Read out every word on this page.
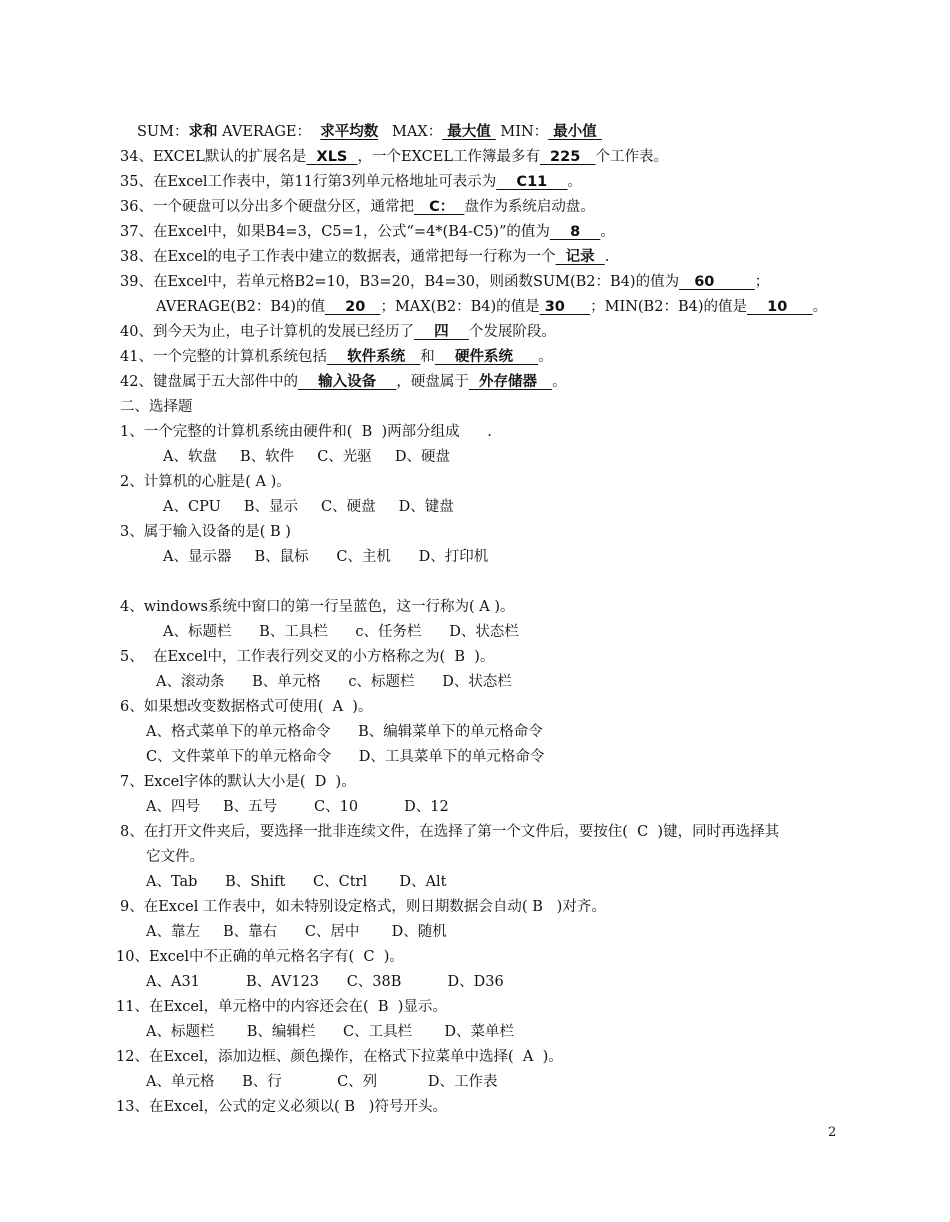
SUM：求和 AVERAGE： 求平均数 MAX： 最大值  MIN： 最小值
34、EXCEL默认的扩展名是  XLS  ，一个EXCEL工作簿最多有  225   个工作表。
35、在Excel工作表中，第11行第3列单元格地址可表示为    C11    。
36、一个硬盘可以分出多个硬盘分区，通常把   C：  盘作为系统启动盘。
37、在Excel中，如果B4=3，C5=1，公式“=4*(B4-C5)”的值为    8    。
38、在Excel的电子工作表中建立的数据表，通常把每一行称为一个  记录  .
39、在Excel中，若单元格B2=10，B3=20，B4=30，则函数SUM(B2：B4)的值为   60        ；
AVERAGE(B2：B4)的值    20   ；MAX(B2：B4)的值是 30     ；MIN(B2：B4)的值是    10     。
40、到今天为止，电子计算机的发展已经历了    四    个发展阶段。
41、一个完整的计算机系统包括    软件系统   和    硬件系统     。
42、键盘属于五大部件中的    输入设备    ，硬盘属于  外存储器   。
二、选择题
1、一个完整的计算机系统由硬件和(  B  )两部分组成      .
A、软盘     B、软件     C、光驱     D、硬盘
2、计算机的心脏是( A )。
A、CPU     B、显示     C、硬盘     D、键盘
3、属于输入设备的是( B )
A、显示器     B、鼠标      C、主机      D、打印机
4、windows系统中窗口的第一行呈蓝色，这一行称为( A )。
A、标题栏      B、工具栏      c、任务栏      D、状态栏
5、  在Excel中，工作表行列交叉的小方格称之为(  B  )。
A、滚动条      B、单元格      c、标题栏      D、状态栏
6、如果想改变数据格式可使用(  A  )。
A、格式菜单下的单元格命令      B、编辑菜单下的单元格命令
C、文件菜单下的单元格命令      D、工具菜单下的单元格命令
7、Excel字体的默认大小是(  D  )。
A、四号     B、五号        C、10          D、12
8、在打开文件夹后，要选择一批非连续文件，在选择了第一个文件后，要按住(  C  )键，同时再选择其
它文件。
A、Tab      B、Shift      C、Ctrl       D、Alt
9、在Excel 工作表中，如未特别设定格式，则日期数据会自动( B   )对齐。
A、靠左     B、靠右      C、居中       D、随机
10、Excel中不正确的单元格名字有(  C  )。
A、A31          B、AV123      C、38B          D、D36
11、在Excel，单元格中的内容还会在(  B  )显示。
A、标题栏       B、编辑栏      C、工具栏       D、菜单栏
12、在Excel，添加边框、颜色操作，在格式下拉菜单中选择(  A  )。
A、单元格      B、行            C、列           D、工作表
13、在Excel，公式的定义必须以( B   )符号开头。
2
